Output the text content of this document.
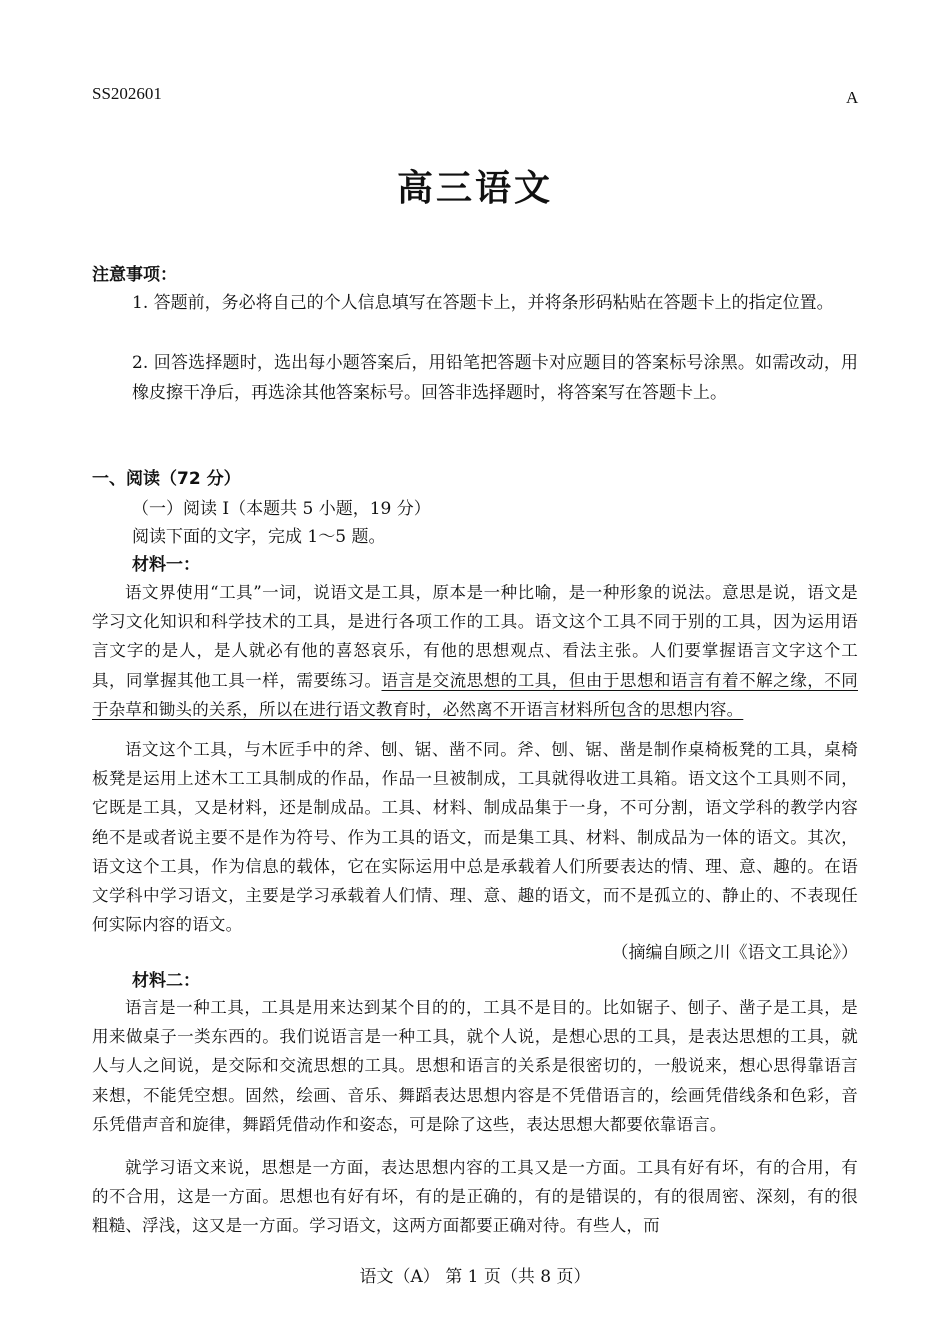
SS202601	A
高三语文
注意事项：
1. 答题前，务必将自己的个人信息填写在答题卡上，并将条形码粘贴在答题卡上的指定位置。
2. 回答选择题时，选出每小题答案后，用铅笔把答题卡对应题目的答案标号涂黑。如需改动，用橡皮擦干净后，再选涂其他答案标号。回答非选择题时，将答案写在答题卡上。
一、阅读（72 分）
（一）阅读 I（本题共 5 小题，19 分）
阅读下面的文字，完成 1～5 题。
材料一：
语文界使用“工具”一词，说语文是工具，原本是一种比喻，是一种形象的说法。意思是说，语文是学习文化知识和科学技术的工具，是进行各项工作的工具。语文这个工具不同于别的工具，因为运用语言文字的是人，是人就必有他的喜怒哀乐，有他的思想观点、看法主张。人们要掌握语言文字这个工具，同掌握其他工具一样，需要练习。语言是交流思想的工具，但由于思想和语言有着不解之缘，不同于杂草和锄头的关系，所以在进行语文教育时，必然离不开语言材料所包含的思想内容。
语文这个工具，与木匠手中的斧、刨、锯、凿不同。斧、刨、锯、凿是制作桌椅板凳的工具，桌椅板凳是运用上述木工工具制成的作品，作品一旦被制成，工具就得收进工具箱。语文这个工具则不同，它既是工具，又是材料，还是制成品。工具、材料、制成品集于一身，不可分割，语文学科的教学内容绝不是或者说主要不是作为符号、作为工具的语文，而是集工具、材料、制成品为一体的语文。其次，语文这个工具，作为信息的载体，它在实际运用中总是承载着人们所要表达的情、理、意、趣的。在语文学科中学习语文，主要是学习承载着人们情、理、意、趣的语文，而不是孤立的、静止的、不表现任何实际内容的语文。
（摘编自顾之川《语文工具论》）
材料二：
语言是一种工具，工具是用来达到某个目的的，工具不是目的。比如锯子、刨子、凿子是工具，是用来做桌子一类东西的。我们说语言是一种工具，就个人说，是想心思的工具，是表达思想的工具，就人与人之间说，是交际和交流思想的工具。思想和语言的关系是很密切的，一般说来，想心思得靠语言来想，不能凭空想。固然，绘画、音乐、舞蹈表达思想内容是不凭借语言的，绘画凭借线条和色彩，音乐凭借声音和旋律，舞蹈凭借动作和姿态，可是除了这些，表达思想大都要依靠语言。
就学习语文来说，思想是一方面，表达思想内容的工具又是一方面。工具有好有坏，有的合用，有的不合用，这是一方面。思想也有好有坏，有的是正确的，有的是错误的，有的很周密、深刻，有的很粗糙、浮浅，这又是一方面。学习语文，这两方面都要正确对待。有些人，而
语文（A） 第 1 页（共 8 页）
